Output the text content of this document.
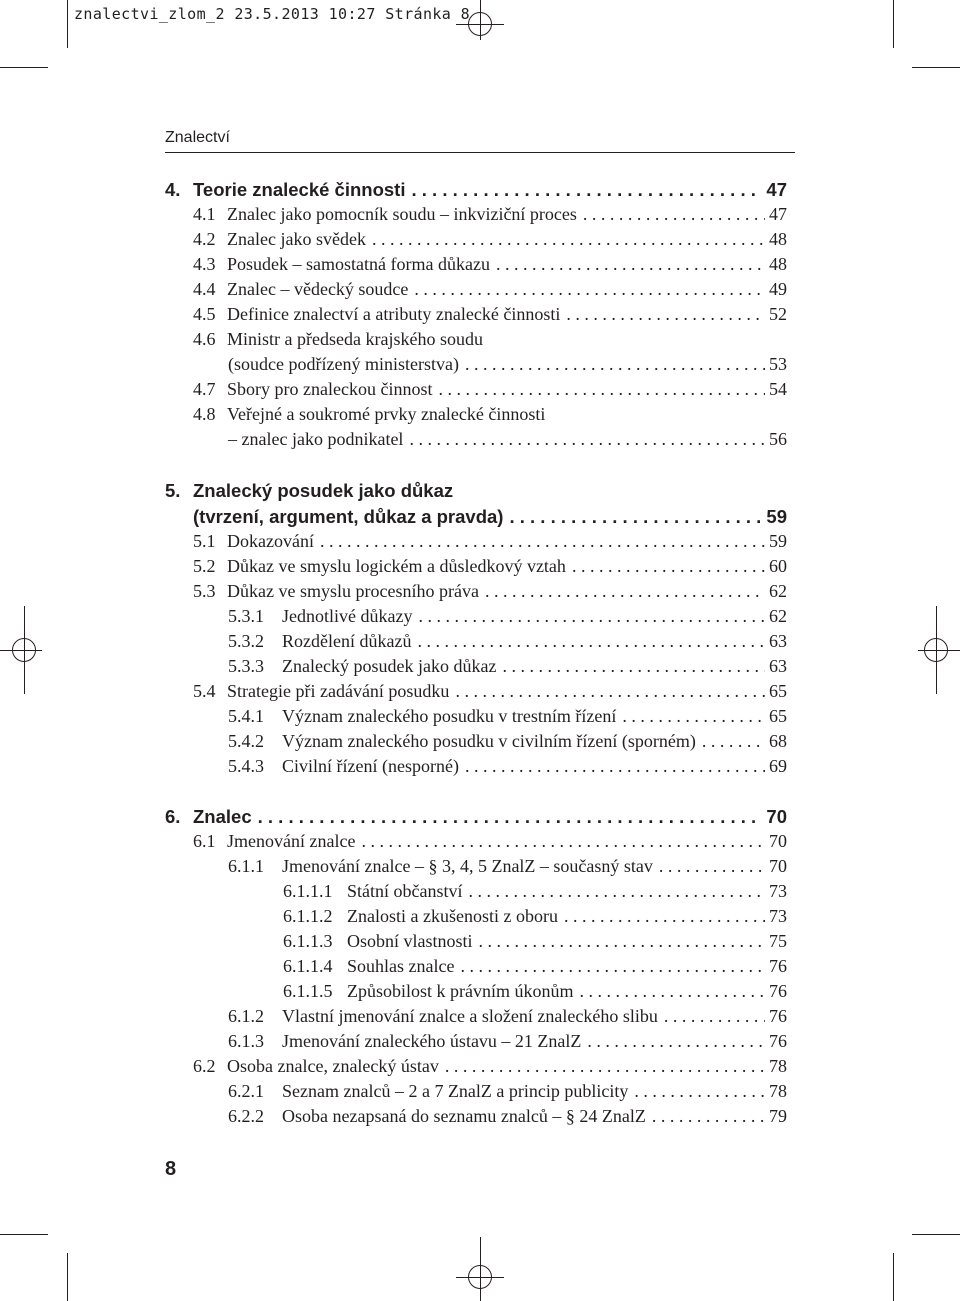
znalectvi_zlom_2 23.5.2013 10:27 Stránka 8
Znalectví
4. Teorie znalecké činnosti . . .	47
4.1 Znalec jako pomocník soudu – inkviziční proces . . .	47
4.2 Znalec jako svědek . . .	48
4.3 Posudek – samostatná forma důkazu . . .	48
4.4 Znalec – vědecký soudce . . .	49
4.5 Definice znalectví a atributy znalecké činnosti . . .	52
4.6 Ministr a předseda krajského soudu
(soudce podřízený ministerstva) . . .	53
4.7 Sbory pro znaleckou činnost . . .	54
4.8 Veřejné a soukromé prvky znalecké činnosti
– znalec jako podnikatel . . .	56
5. Znalecký posudek jako důkaz
(tvrzení, argument, důkaz a pravda) . . .	59
5.1 Dokazování . . .	59
5.2 Důkaz ve smyslu logickém a důsledkový vztah . . .	60
5.3 Důkaz ve smyslu procesního práva . . .	62
5.3.1	Jednotlivé důkazy . . .	62
5.3.2	Rozdělení důkazů . . .	63
5.3.3	Znalecký posudek jako důkaz . . .	63
5.4 Strategie při zadávání posudku . . .	65
5.4.1	Význam znaleckého posudku v trestním řízení . . .	65
5.4.2	Význam znaleckého posudku v civilním řízení (sporném) . . .	68
5.4.3	Civilní řízení (nesporné) . . .	69
6. Znalec . . .	70
6.1 Jmenování znalce . . .	70
6.1.1	Jmenování znalce – § 3, 4, 5 ZnalZ – současný stav . . .	70
6.1.1.1 Státní občanství . . .	73
6.1.1.2 Znalosti a zkušenosti z oboru . . .	73
6.1.1.3 Osobní vlastnosti . . .	75
6.1.1.4 Souhlas znalce . . .	76
6.1.1.5 Způsobilost k právním úkonům . . .	76
6.1.2	Vlastní jmenování znalce a složení znaleckého slibu . . .	76
6.1.3	Jmenování znaleckého ústavu – 21 ZnalZ . . .	76
6.2 Osoba znalce, znalecký ústav . . .	78
6.2.1	Seznam znalců – 2 a 7 ZnalZ a princip publicity . . .	78
6.2.2	Osoba nezapsaná do seznamu znalců – § 24 ZnalZ . . .	79
8
